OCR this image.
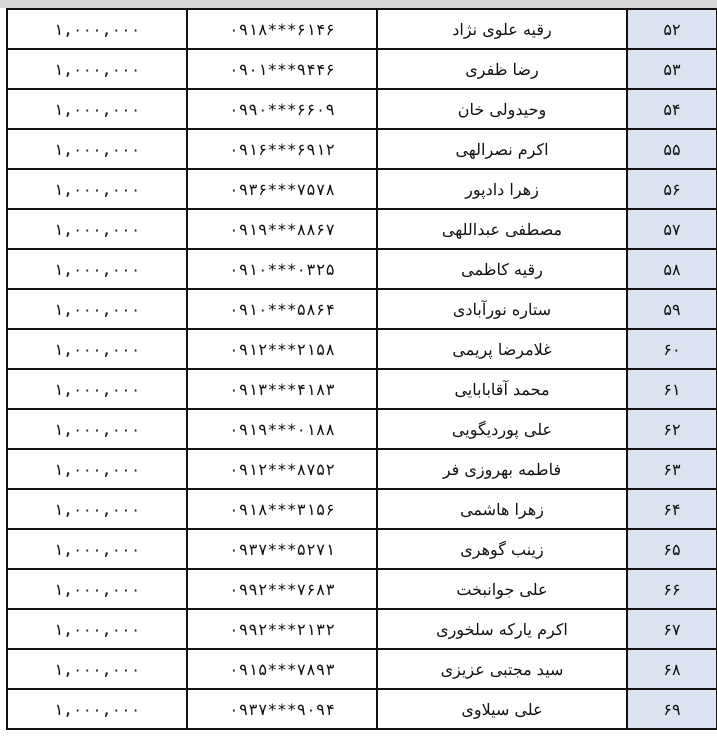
۱,۰۰۰,۰۰۰	۰۹۱۸***۶۱۴۶	رقیه علوی نژاد	۵۲
۱,۰۰۰,۰۰۰	۰۹۰۱***۹۴۴۶	رضا ظفری	۵۳
۱,۰۰۰,۰۰۰	۰۹۹۰***۶۶۰۹	وحیدولی خان	۵۴
۱,۰۰۰,۰۰۰	۰۹۱۶***۶۹۱۲	اکرم نصرالهی	۵۵
۱,۰۰۰,۰۰۰	۰۹۳۶***۷۵۷۸	زهرا دادپور	۵۶
۱,۰۰۰,۰۰۰	۰۹۱۹***۸۸۶۷	مصطفی عبداللهی	۵۷
۱,۰۰۰,۰۰۰	۰۹۱۰***۰۳۲۵	رقیه کاظمی	۵۸
۱,۰۰۰,۰۰۰	۰۹۱۰***۵۸۶۴	ستاره نورآبادی	۵۹
۱,۰۰۰,۰۰۰	۰۹۱۲***۲۱۵۸	غلامرضا پریمی	۶۰
۱,۰۰۰,۰۰۰	۰۹۱۳***۴۱۸۳	محمد آقابابایی	۶۱
۱,۰۰۰,۰۰۰	۰۹۱۹***۰۱۸۸	علی پوردیگویی	۶۲
۱,۰۰۰,۰۰۰	۰۹۱۲***۸۷۵۲	فاطمه بهروزی فر	۶۳
۱,۰۰۰,۰۰۰	۰۹۱۸***۳۱۵۶	زهرا هاشمی	۶۴
۱,۰۰۰,۰۰۰	۰۹۳۷***۵۲۷۱	زینب گوهری	۶۵
۱,۰۰۰,۰۰۰	۰۹۹۲***۷۶۸۳	علی جوانبخت	۶۶
۱,۰۰۰,۰۰۰	۰۹۹۲***۲۱۳۲	اکرم یارکه سلخوری	۶۷
۱,۰۰۰,۰۰۰	۰۹۱۵***۷۸۹۳	سید مجتبی عزیزی	۶۸
۱,۰۰۰,۰۰۰	۰۹۳۷***۹۰۹۴	علی سیلاوی	۶۹
